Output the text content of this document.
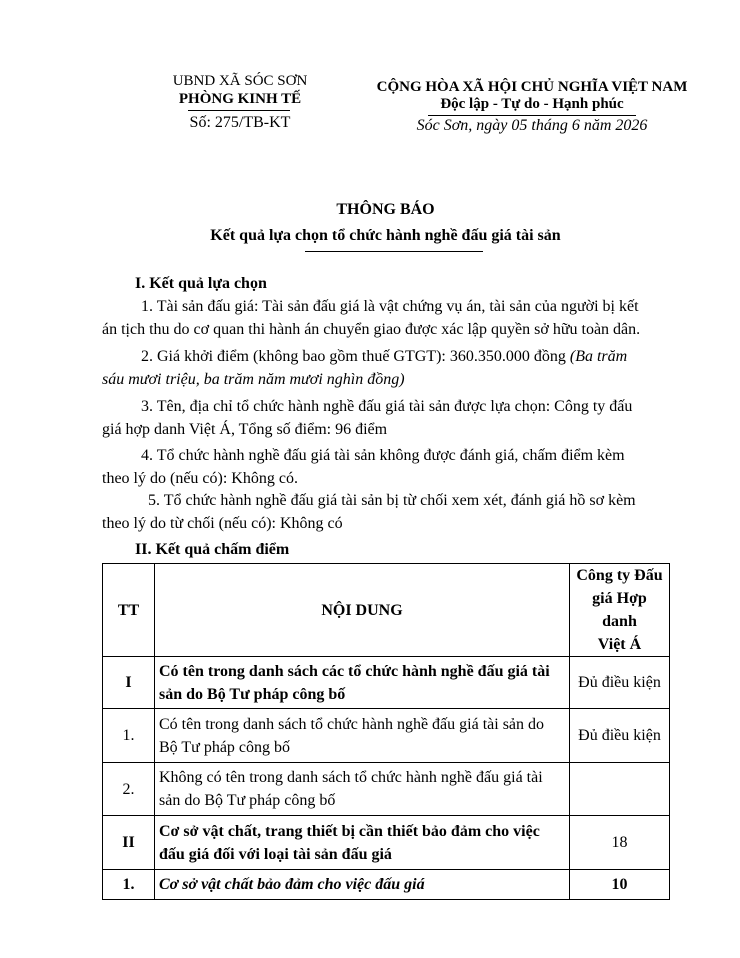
UBND XÃ SÓC SƠN
PHÒNG KINH TẾ
Số: 275/TB-KT
CỘNG HÒA XÃ HỘI CHỦ NGHĨA VIỆT NAM
Độc lập - Tự do - Hạnh phúc
Sóc Sơn, ngày 05 tháng 6 năm 2026
THÔNG BÁO
Kết quả lựa chọn tổ chức hành nghề đấu giá tài sản
I. Kết quả lựa chọn
1. Tài sản đấu giá: Tài sản đấu giá là vật chứng vụ án, tài sản của người bị kết
án tịch thu do cơ quan thi hành án chuyển giao được xác lập quyền sở hữu toàn dân.
2. Giá khởi điểm (không bao gồm thuế GTGT): 360.350.000 đồng (Ba trăm
sáu mươi triệu, ba trăm năm mươi nghìn đồng)
3. Tên, địa chỉ tổ chức hành nghề đấu giá tài sản được lựa chọn: Công ty đấu
giá hợp danh Việt Á, Tổng số điểm: 96 điểm
4. Tổ chức hành nghề đấu giá tài sản không được đánh giá, chấm điểm kèm
theo lý do (nếu có): Không có.
5. Tổ chức hành nghề đấu giá tài sản bị từ chối xem xét, đánh giá hồ sơ kèm
theo lý do từ chối (nếu có): Không có
II. Kết quả chấm điểm
TT	NỘI DUNG	Công ty Đấu
giá Hợp danh
Việt Á

I	Có tên trong danh sách các tổ chức hành nghề đấu giá tài
sản do Bộ Tư pháp công bố	Đủ điều kiện
1.	Có tên trong danh sách tổ chức hành nghề đấu giá tài sản do
Bộ Tư pháp công bố	Đủ điều kiện
2.	Không có tên trong danh sách tổ chức hành nghề đấu giá tài
sản do Bộ Tư pháp công bố	

II	Cơ sở vật chất, trang thiết bị cần thiết bảo đảm cho việc
đấu giá đối với loại tài sản đấu giá	18
1.	Cơ sở vật chất bảo đảm cho việc đấu giá	10
